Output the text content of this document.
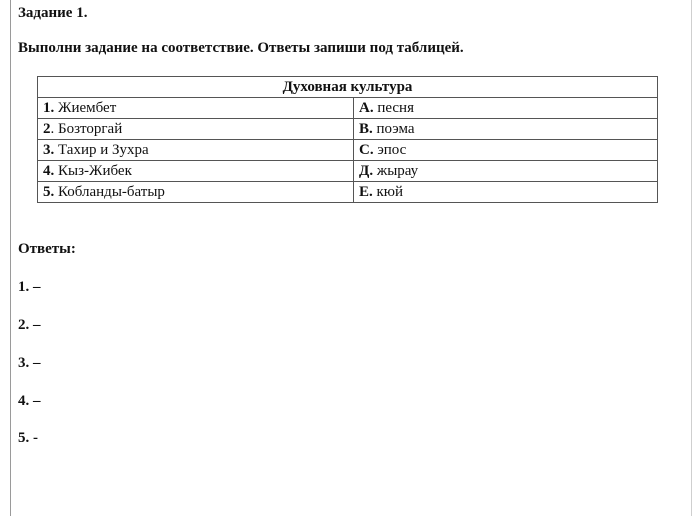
Задание 1.

Выполни задание на соответствие. Ответы запиши под таблицей.

Духовная культура	
1. Жиембет	А. песня
2. Бозторгай	В. поэма
3. Тахир и Зухра	С. эпос
4. Кыз-Жибек	Д. жырау
5. Кобланды-батыр	Е. кюй

Ответы:

1. –

2. –

3. –

4. –

5. -
